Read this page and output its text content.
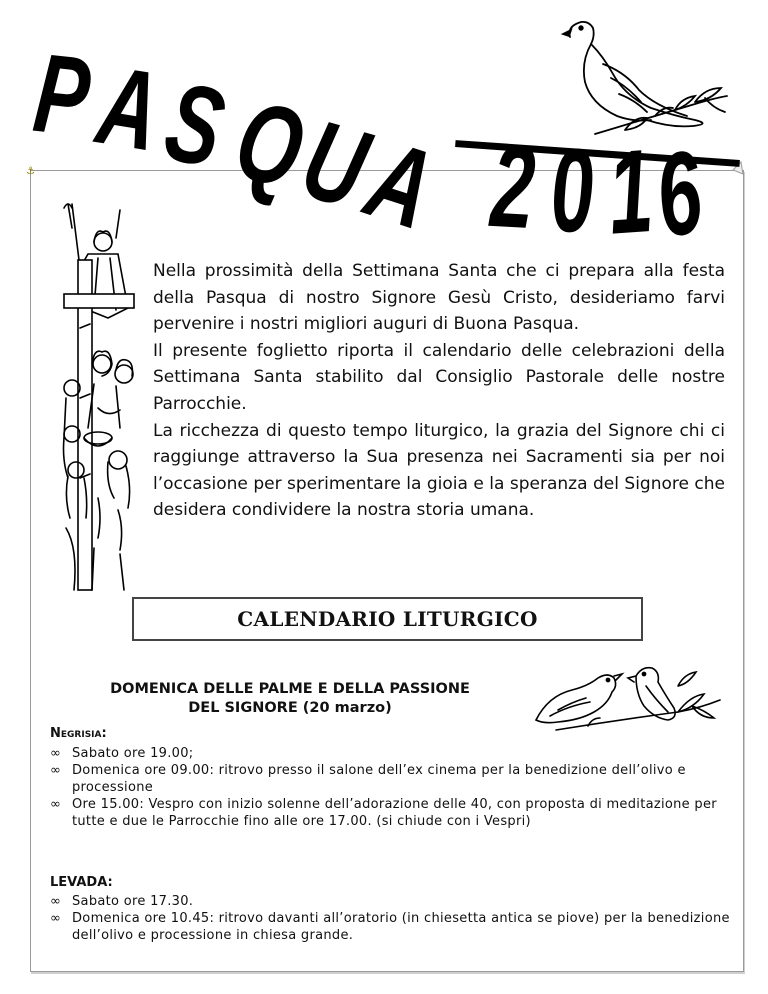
⚓
P
A
S
Q
U
A 2 0 1
6

Nella prossimità della Settimana Santa che ci prepara alla festa della Pasqua di nostro Signore Gesù Cristo, desideriamo farvi pervenire i nostri migliori auguri di Buona Pasqua.

Il presente foglietto riporta il calendario delle celebrazioni della Settimana Santa stabilito dal Consiglio Pastorale delle nostre Parrocchie.

La ricchezza di questo tempo liturgico, la grazia del Signore chi ci raggiunge attraverso la Sua presenza nei Sacramenti sia per noi l’occasione per sperimentare la gioia e la speranza del Signore che desidera condividere la nostra storia umana.

CALENDARIO LITURGICO
DOMENICA DELLE PALME E DELLA PASSIONE
DEL SIGNORE (20 marzo)
Negrisia:
∞ Sabato ore 19.00;
∞ Domenica ore 09.00: ritrovo presso il salone dell’ex cinema per la benedizione dell’olivo e processione
∞ Ore 15.00: Vespro con inizio solenne dell’adorazione delle 40, con proposta di meditazione per tutte e due le Parrocchie fino alle ore 17.00. (si chiude con i Vespri)
LEVADA:
∞ Sabato ore 17.30.
∞ Domenica ore 10.45: ritrovo davanti all’oratorio (in chiesetta antica se piove) per la benedizione dell’olivo e processione in chiesa grande.
